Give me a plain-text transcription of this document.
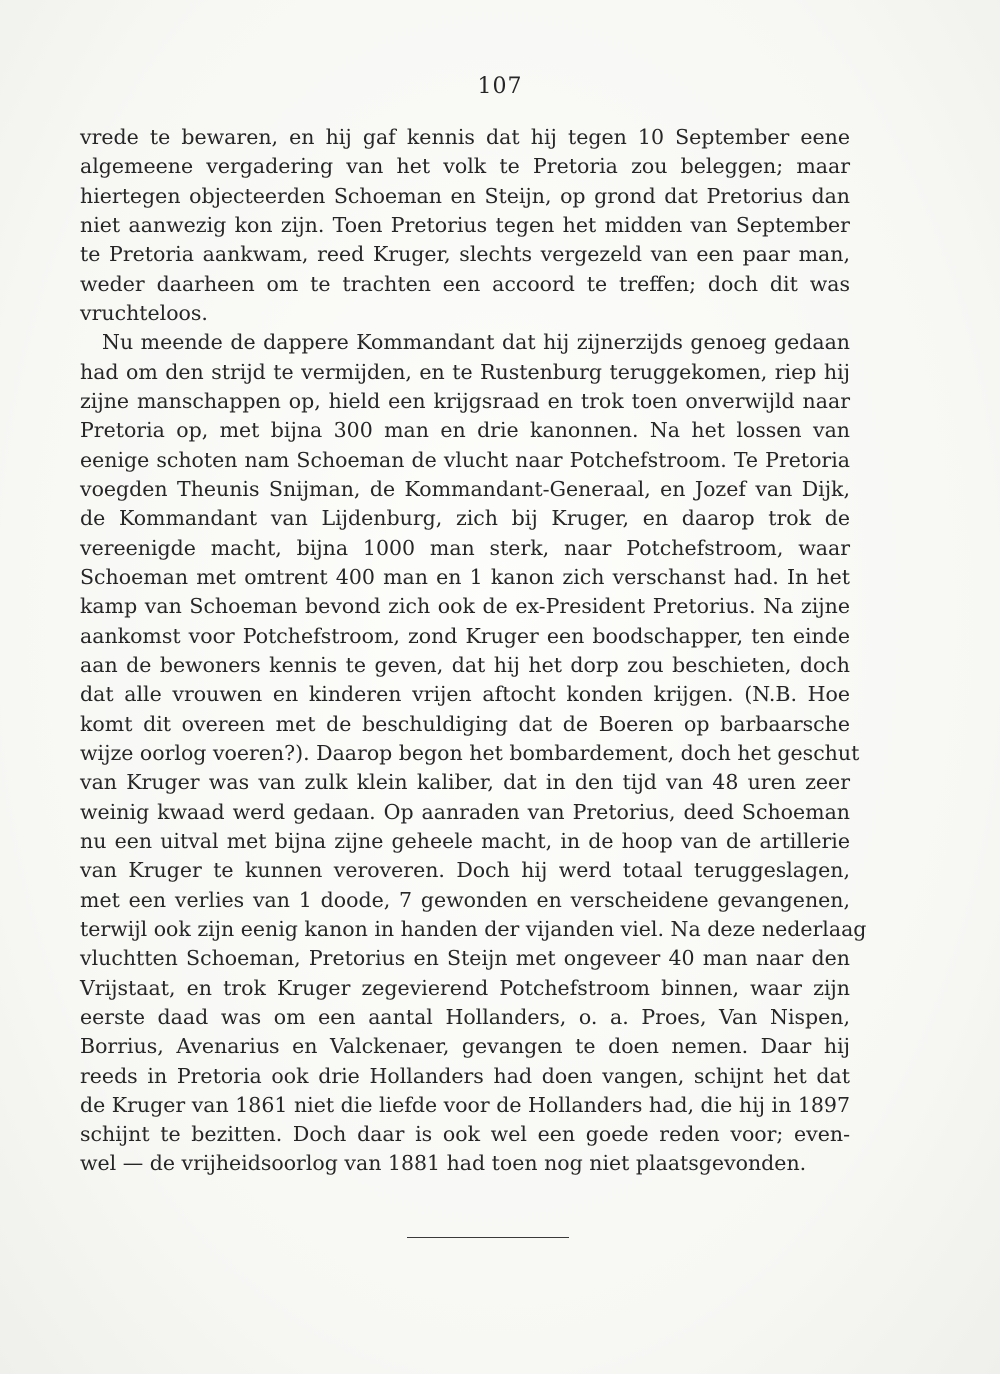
107
vrede te bewaren, en hij gaf kennis dat hij tegen 10 September eene
algemeene vergadering van het volk te Pretoria zou beleggen; maar
hiertegen objecteerden Schoeman en Steijn, op grond dat Pretorius dan
niet aanwezig kon zijn. Toen Pretorius tegen het midden van September
te Pretoria aankwam, reed Kruger, slechts vergezeld van een paar man,
weder daarheen om te trachten een accoord te treffen; doch dit was
vruchteloos.
Nu meende de dappere Kommandant dat hij zijnerzijds genoeg gedaan
had om den strijd te vermijden, en te Rustenburg teruggekomen, riep hij
zijne manschappen op, hield een krijgsraad en trok toen onverwijld naar
Pretoria op, met bijna 300 man en drie kanonnen. Na het lossen van
eenige schoten nam Schoeman de vlucht naar Potchefstroom. Te Pretoria
voegden Theunis Snijman, de Kommandant-Generaal, en Jozef van Dijk,
de Kommandant van Lijdenburg, zich bij Kruger, en daarop trok de
vereenigde macht, bijna 1000 man sterk, naar Potchefstroom, waar
Schoeman met omtrent 400 man en 1 kanon zich verschanst had. In het
kamp van Schoeman bevond zich ook de ex-President Pretorius. Na zijne
aankomst voor Potchefstroom, zond Kruger een boodschapper, ten einde
aan de bewoners kennis te geven, dat hij het dorp zou beschieten, doch
dat alle vrouwen en kinderen vrijen aftocht konden krijgen. (N.B. Hoe
komt dit overeen met de beschuldiging dat de Boeren op barbaarsche
wijze oorlog voeren?). Daarop begon het bombardement, doch het geschut
van Kruger was van zulk klein kaliber, dat in den tijd van 48 uren zeer
weinig kwaad werd gedaan. Op aanraden van Pretorius, deed Schoeman
nu een uitval met bijna zijne geheele macht, in de hoop van de artillerie
van Kruger te kunnen veroveren. Doch hij werd totaal teruggeslagen,
met een verlies van 1 doode, 7 gewonden en verscheidene gevangenen,
terwijl ook zijn eenig kanon in handen der vijanden viel. Na deze nederlaag
vluchtten Schoeman, Pretorius en Steijn met ongeveer 40 man naar den
Vrijstaat, en trok Kruger zegevierend Potchefstroom binnen, waar zijn
eerste daad was om een aantal Hollanders, o. a. Proes, Van Nispen,
Borrius, Avenarius en Valckenaer, gevangen te doen nemen. Daar hij
reeds in Pretoria ook drie Hollanders had doen vangen, schijnt het dat
de Kruger van 1861 niet die liefde voor de Hollanders had, die hij in 1897
schijnt te bezitten. Doch daar is ook wel een goede reden voor; even-
wel — de vrijheidsoorlog van 1881 had toen nog niet plaatsgevonden.
